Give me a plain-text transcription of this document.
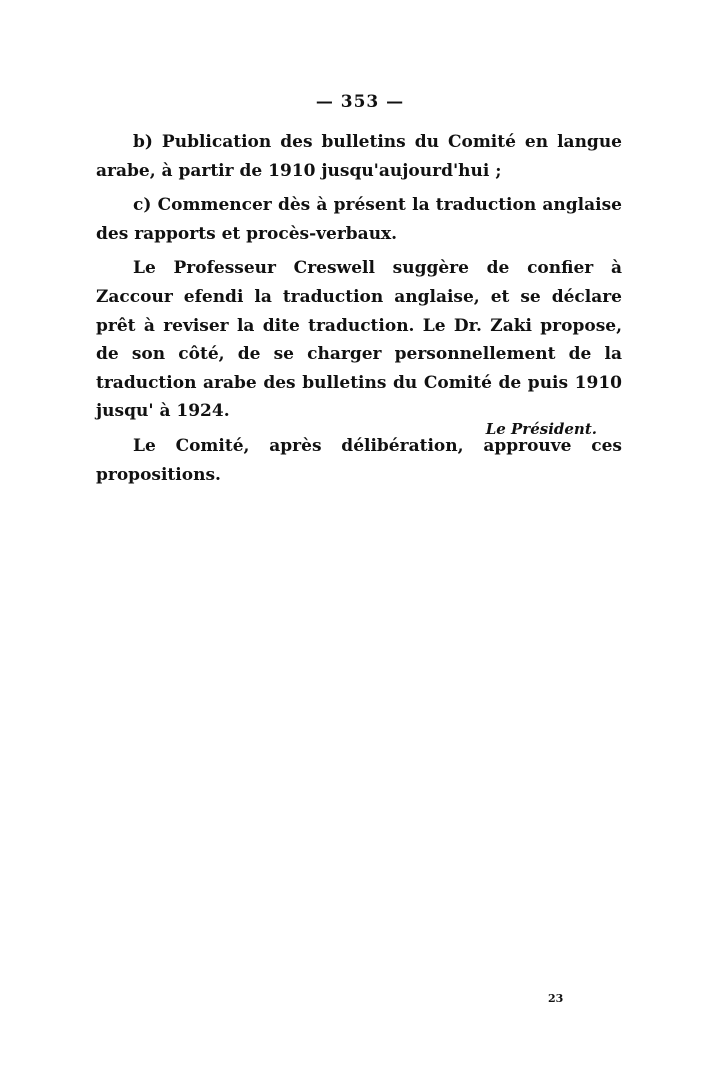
— 353 —

b) Publication des bulletins du Comité en langue arabe, à partir de 1910 jusqu'aujourd'hui ;

c) Commencer dès à présent la traduction anglaise des rapports et procès-verbaux.

Le Professeur Creswell suggère de confier à Zaccour efendi la traduction anglaise, et se déclare prêt à reviser la dite traduction. Le Dr. Zaki propose, de son côté, de se charger personnellement de la traduction arabe des bulletins du Comité de puis 1910 jusqu' à 1924.

Le Comité, après délibération, approuve ces propositions.

Le Président.
23
